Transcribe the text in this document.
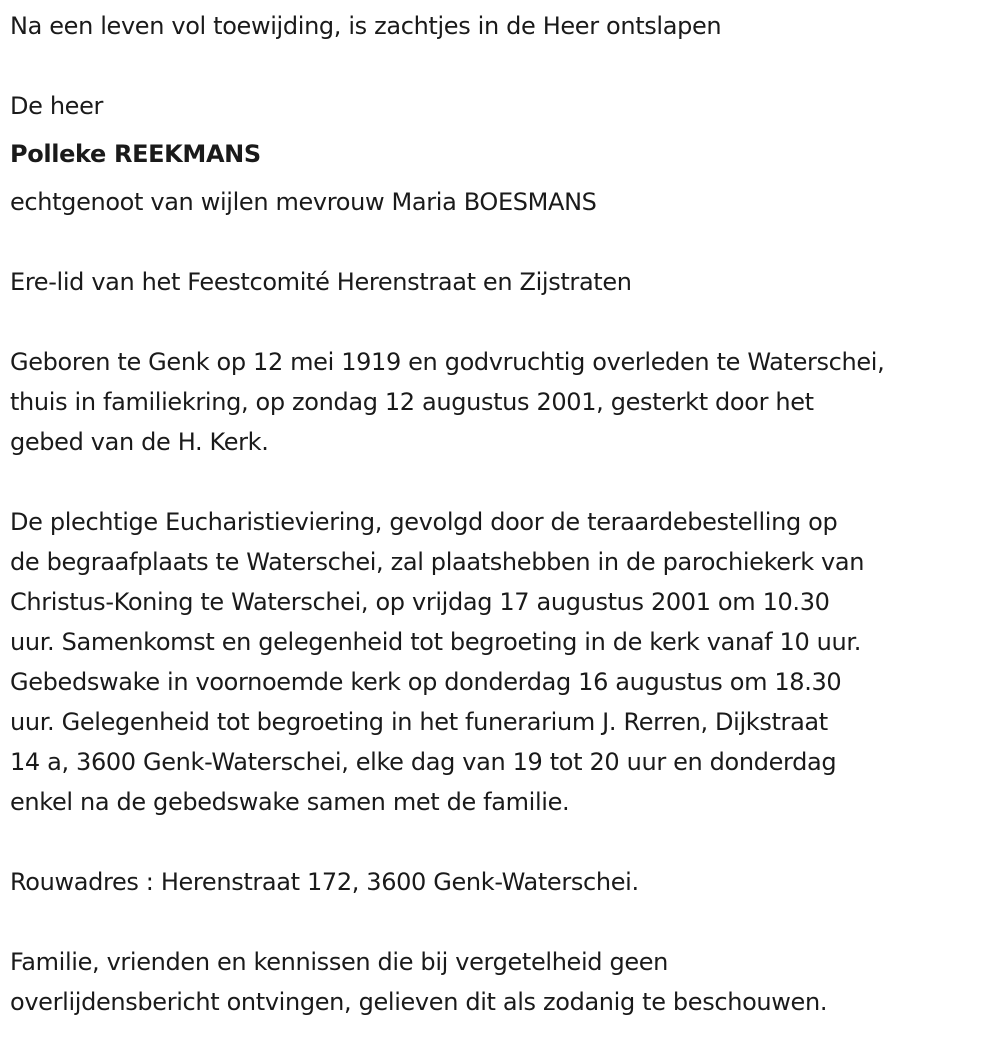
Na een leven vol toewijding, is zachtjes in de Heer ontslapen
De heer
Polleke REEKMANS
echtgenoot van wijlen mevrouw Maria BOESMANS
Ere-lid van het Feestcomité Herenstraat en Zijstraten
Geboren te Genk op 12 mei 1919 en godvruchtig overleden te Waterschei,
thuis in familiekring, op zondag 12 augustus 2001, gesterkt door het
gebed van de H. Kerk.
De plechtige Eucharistieviering, gevolgd door de teraardebestelling op
de begraafplaats te Waterschei, zal plaatshebben in de parochiekerk van
Christus-Koning te Waterschei, op vrijdag 17 augustus 2001 om 10.30
uur. Samenkomst en gelegenheid tot begroeting in de kerk vanaf 10 uur.
Gebedswake in voornoemde kerk op donderdag 16 augustus om 18.30
uur. Gelegenheid tot begroeting in het funerarium J. Rerren, Dijkstraat
14 a, 3600 Genk-Waterschei, elke dag van 19 tot 20 uur en donderdag
enkel na de gebedswake samen met de familie.
Rouwadres : Herenstraat 172, 3600 Genk-Waterschei.
Familie, vrienden en kennissen die bij vergetelheid geen
overlijdensbericht ontvingen, gelieven dit als zodanig te beschouwen.
